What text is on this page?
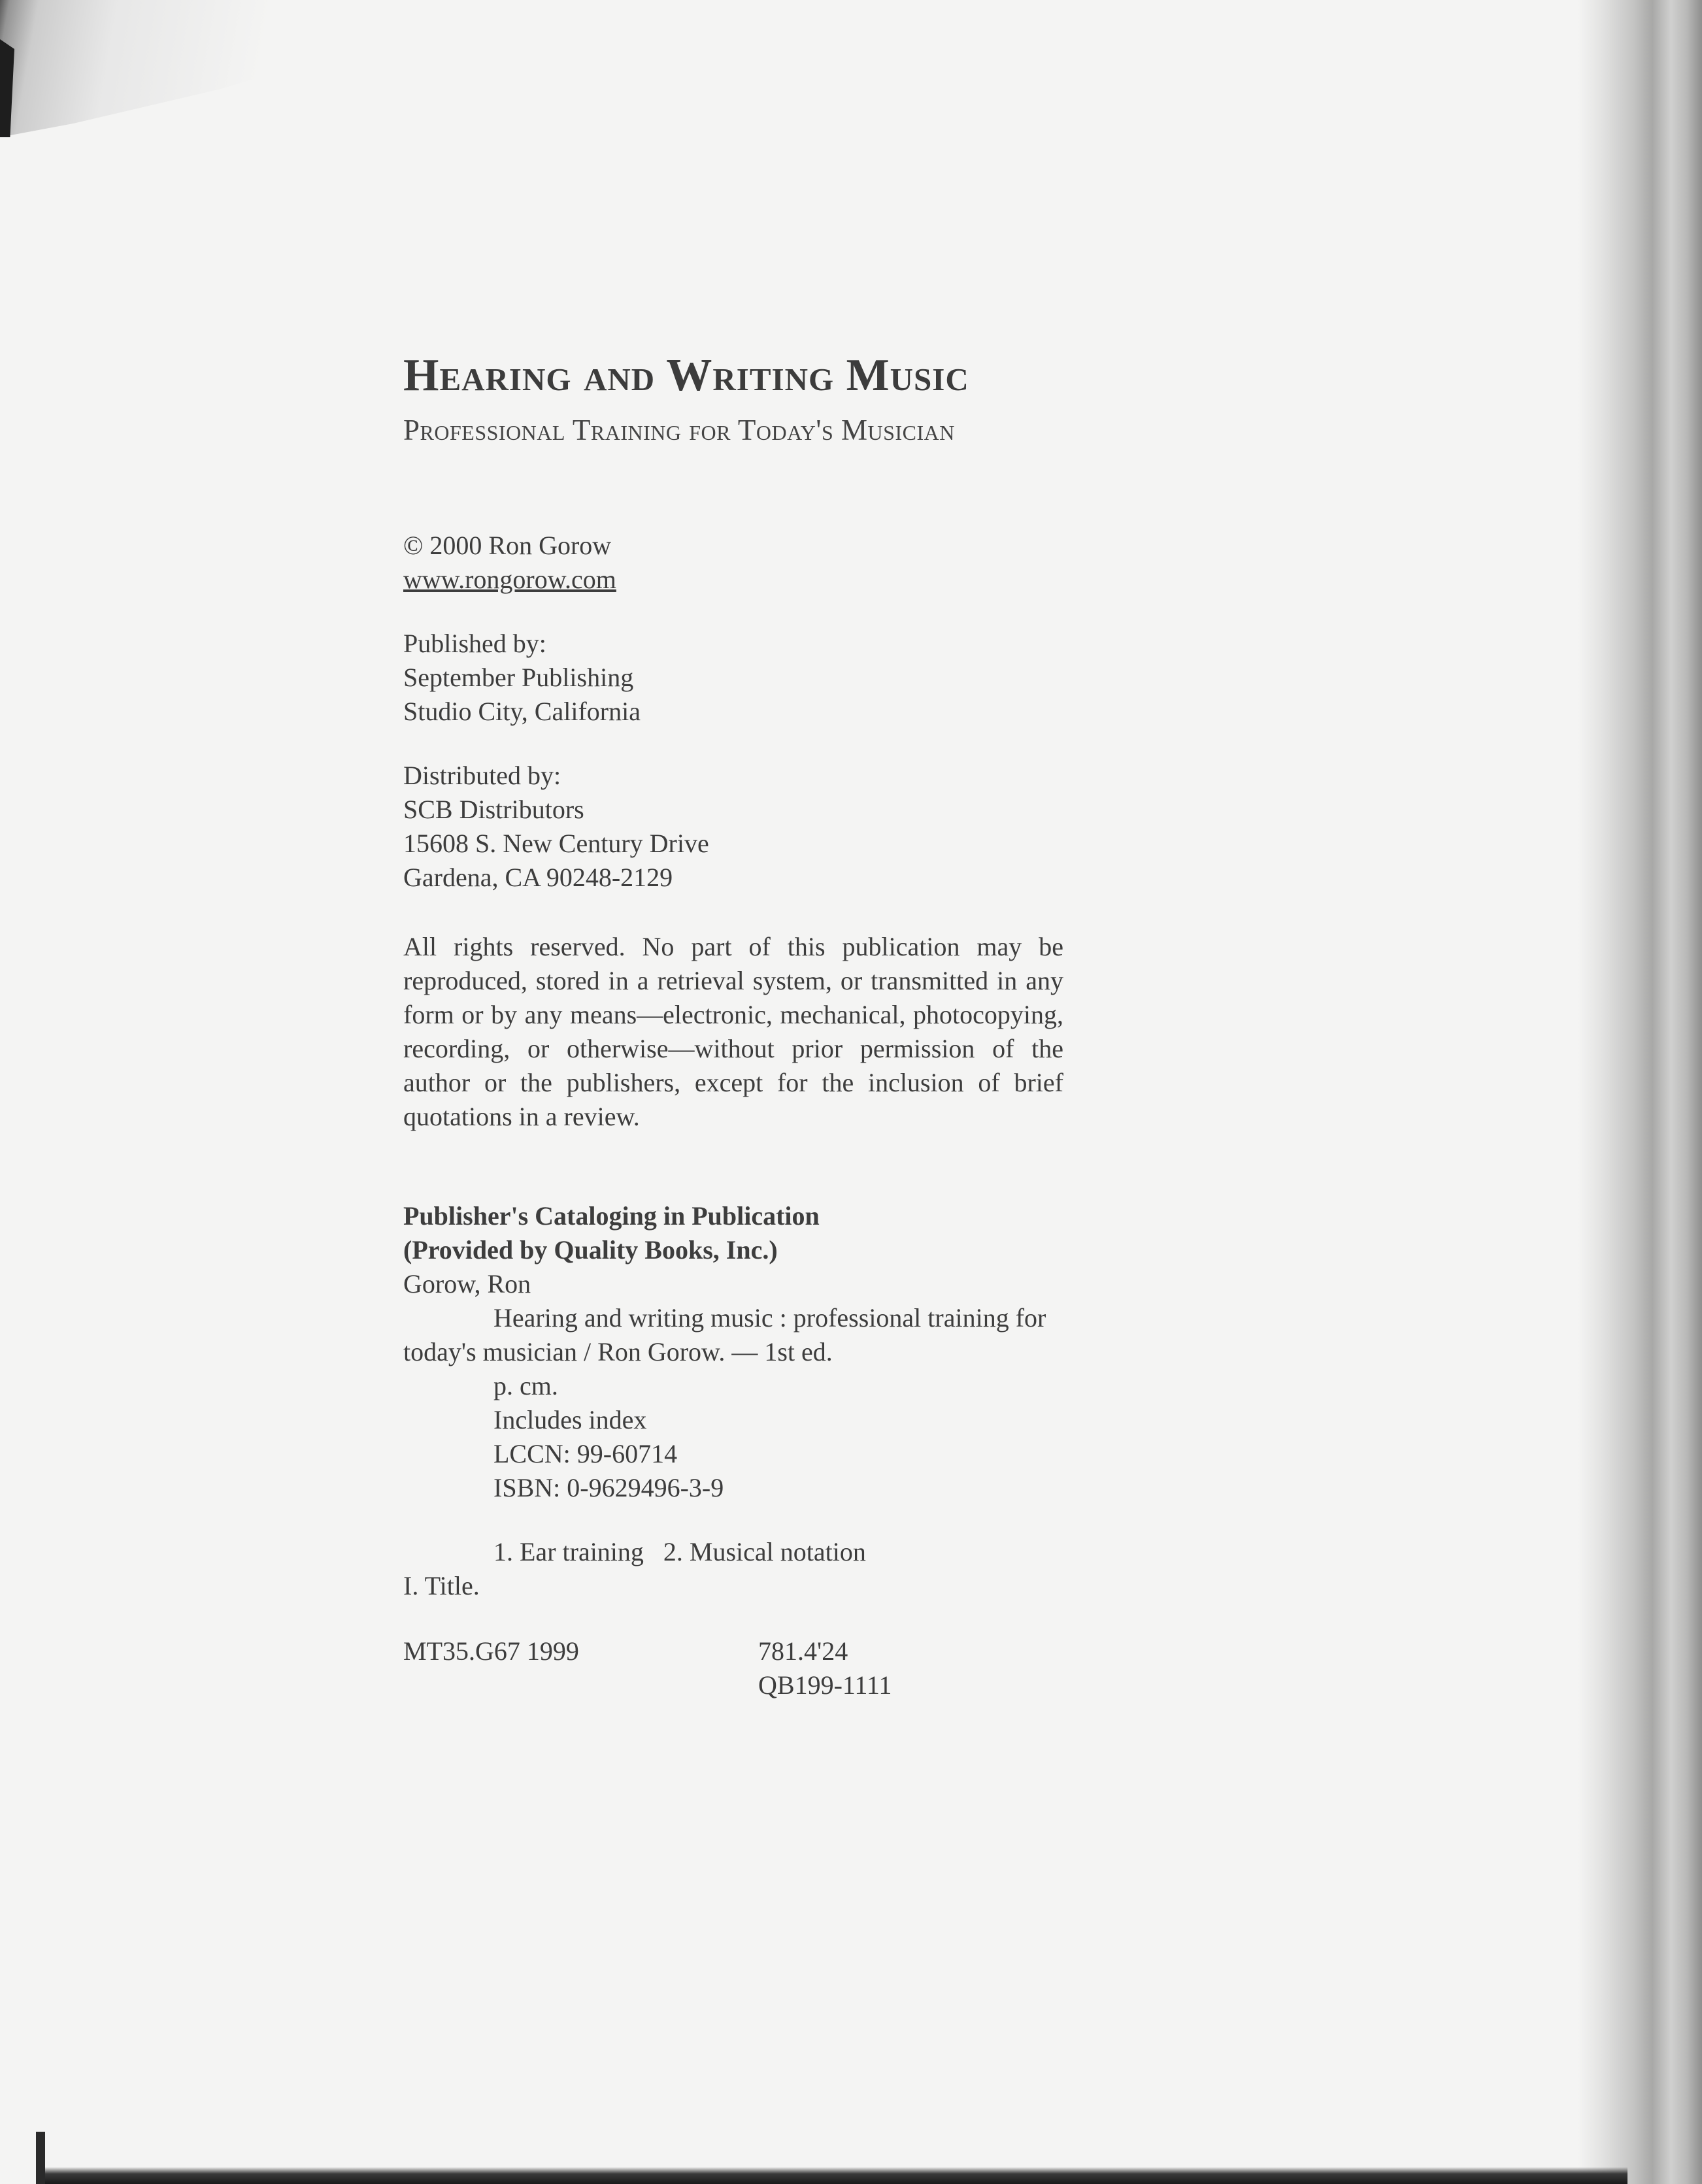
Hearing and Writing Music
Professional Training for Today's Musician

© 2000 Ron Gorow

www.rongorow.com

Published by:

September Publishing

Studio City, California

Distributed by:

SCB Distributors

15608 S. New Century Drive

Gardena, CA 90248-2129

All rights reserved. No part of this publication may be reproduced, stored in a retrieval system, or transmitted in any form or by any means—electronic, mechanical, photocopying, recording, or otherwise—without prior permission of the author or the publishers, except for the inclusion of brief quotations in a review.

Publisher's Cataloging in Publication

(Provided by Quality Books, Inc.)

Gorow, Ron

Hearing and writing music : professional training for today's musician / Ron Gorow. — 1st ed.

p. cm.

Includes index

LCCN: 99-60714

ISBN: 0-9629496-3-9

1. Ear training   2. Musical notation

I. Title.

MT35.G67 1999	781.4'24

QB199-1111
